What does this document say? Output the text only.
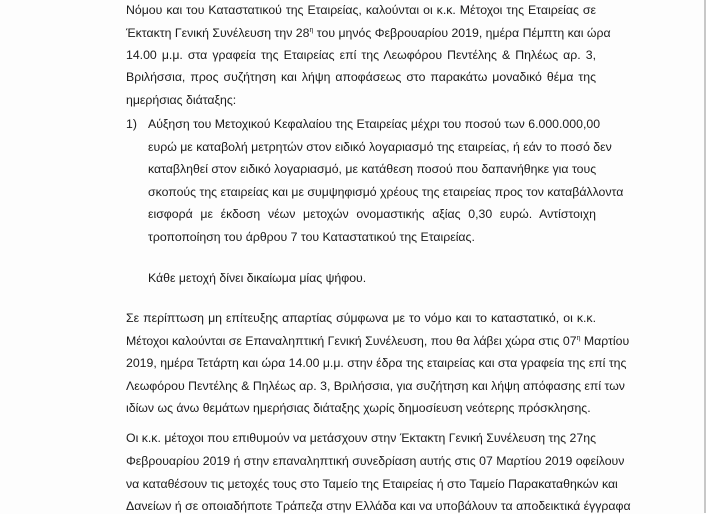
Νόμου και του Καταστατικού της Εταιρείας, καλούνται οι κ.κ. Μέτοχοι της Εταιρείας σε
Έκτακτη Γενική Συνέλευση την $28^\eta$ του μηνός Φεβρουαρίου 2019, ημέρα Πέμπτη και ώρα
14.00 μ.μ. στα γραφεία της Εταιρείας επί της Λεωφόρου Πεντέλης & Πηλέως αρ. 3,
Βριλήσσια, προς συζήτηση και λήψη αποφάσεως στο παρακάτω μοναδικό θέμα της
ημερήσιας διάταξης:
1) Αύξηση του Μετοχικού Κεφαλαίου της Εταιρείας μέχρι του ποσού των 6.000.000,00
ευρώ με καταβολή μετρητών στον ειδικό λογαριασμό της εταιρείας, ή εάν το ποσό δεν
καταβληθεί στον ειδικό λογαριασμό, με κατάθεση ποσού που δαπανήθηκε για τους
σκοπούς της εταιρείας και με συμψηφισμό χρέους της εταιρείας προς τον καταβάλλοντα
εισφορά με έκδοση νέων μετοχών ονομαστικής αξίας 0,30 ευρώ. Αντίστοιχη
τροποποίηση του άρθρου 7 του Καταστατικού της Εταιρείας.
Κάθε μετοχή δίνει δικαίωμα μίας ψήφου.
Σε περίπτωση μη επίτευξης απαρτίας σύμφωνα με το νόμο και το καταστατικό, οι κ.κ.
Μέτοχοι καλούνται σε Επαναληπτική Γενική Συνέλευση, που θα λάβει χώρα στις $07^\eta$ Μαρτίου
2019, ημέρα Τετάρτη και ώρα 14.00 μ.μ. στην έδρα της εταιρείας και στα γραφεία της επί της
Λεωφόρου Πεντέλης & Πηλέως αρ. 3, Βριλήσσια, για συζήτηση και λήψη απόφασης επί των
ιδίων ως άνω θεμάτων ημερήσιας διάταξης χωρίς δημοσίευση νεότερης πρόσκλησης.
Οι κ.κ. μέτοχοι που επιθυμούν να μετάσχουν στην Έκτακτη Γενική Συνέλευση της 27ης
Φεβρουαρίου 2019 ή στην επαναληπτική συνεδρίαση αυτής στις 07 Μαρτίου 2019 οφείλουν
να καταθέσουν τις μετοχές τους στο Ταμείο της Εταιρείας ή στο Ταμείο Παρακαταθηκών και
Δανείων ή σε οποιαδήποτε Τράπεζα στην Ελλάδα και να υποβάλουν τα αποδεικτικά έγγραφα
